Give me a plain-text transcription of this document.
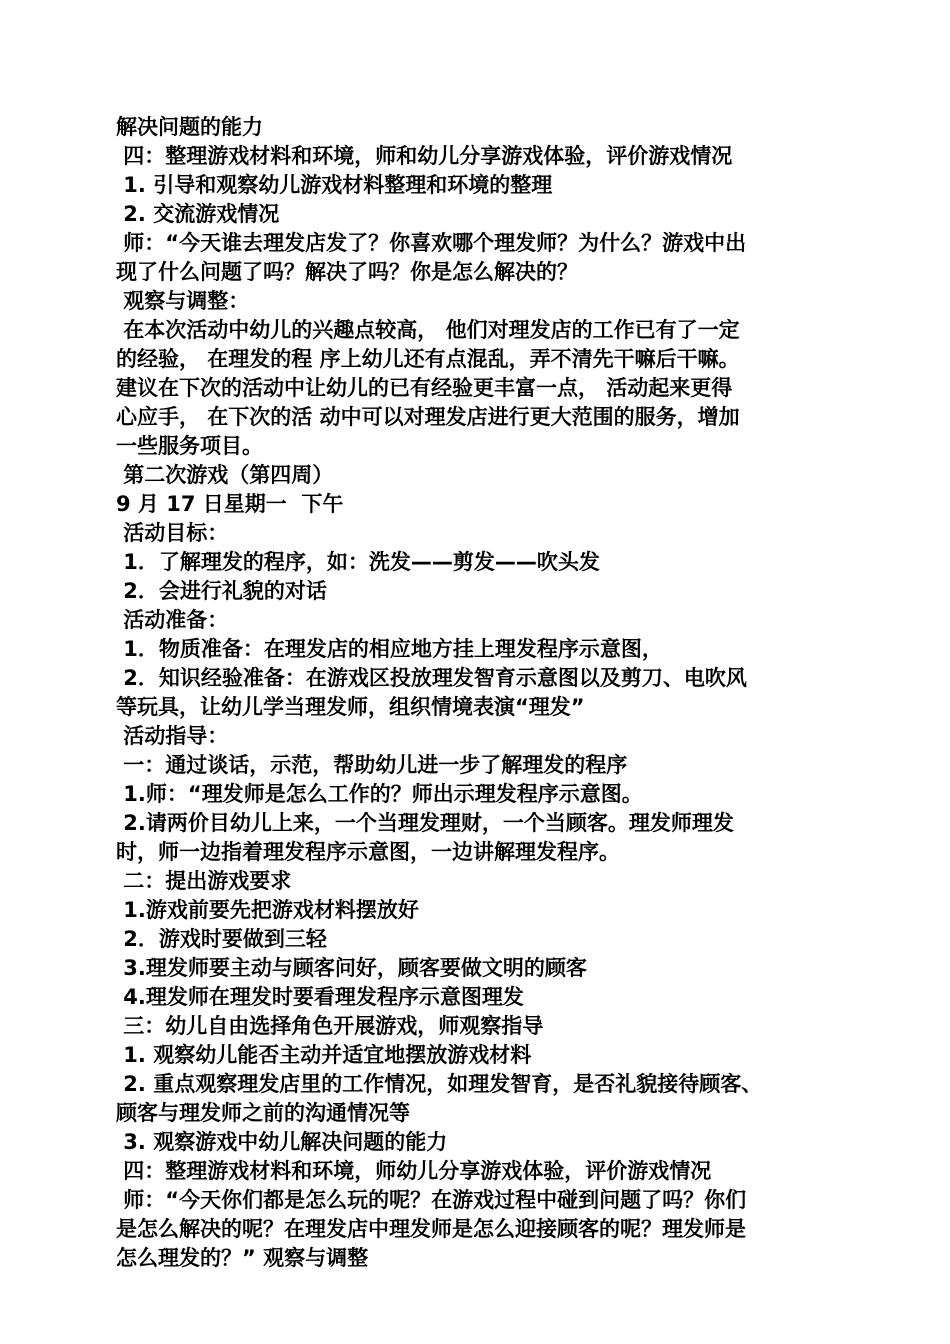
解决问题的能力

四：整理游戏材料和环境，师和幼儿分享游戏体验，评价游戏情况

1. 引导和观察幼儿游戏材料整理和环境的整理

2. 交流游戏情况

师：“今天谁去理发店发了？你喜欢哪个理发师？为什么？游戏中出

现了什么问题了吗？解决了吗？你是怎么解决的？

观察与调整：

在本次活动中幼儿的兴趣点较高， 他们对理发店的工作已有了一定

的经验， 在理发的程 序上幼儿还有点混乱，弄不清先干嘛后干嘛。

建议在下次的活动中让幼儿的已有经验更丰富一点， 活动起来更得

心应手， 在下次的活 动中可以对理发店进行更大范围的服务，增加

一些服务项目。

第二次游戏（第四周）

9 月 17 日星期一  下午

活动目标：

1．了解理发的程序，如：洗发——剪发——吹头发

2．会进行礼貌的对话

活动准备：

1．物质准备：在理发店的相应地方挂上理发程序示意图，

2．知识经验准备：在游戏区投放理发智育示意图以及剪刀、电吹风

等玩具，让幼儿学当理发师，组织情境表演“理发”

活动指导：

一：通过谈话，示范，帮助幼儿进一步了解理发的程序

1.师：“理发师是怎么工作的？师出示理发程序示意图。

2.请两价目幼儿上来，一个当理发理财，一个当顾客。理发师理发

时，师一边指着理发程序示意图，一边讲解理发程序。

二：提出游戏要求

1.游戏前要先把游戏材料摆放好

2．游戏时要做到三轻

3.理发师要主动与顾客问好，顾客要做文明的顾客

4.理发师在理发时要看理发程序示意图理发

三：幼儿自由选择角色开展游戏，师观察指导

1. 观察幼儿能否主动并适宜地摆放游戏材料

2. 重点观察理发店里的工作情况，如理发智育，是否礼貌接待顾客、

顾客与理发师之前的沟通情况等

3. 观察游戏中幼儿解决问题的能力

四：整理游戏材料和环境，师幼儿分享游戏体验，评价游戏情况

师：“今天你们都是怎么玩的呢？在游戏过程中碰到问题了吗？你们

是怎么解决的呢？在理发店中理发师是怎么迎接顾客的呢？理发师是

怎么理发的？” 观察与调整
